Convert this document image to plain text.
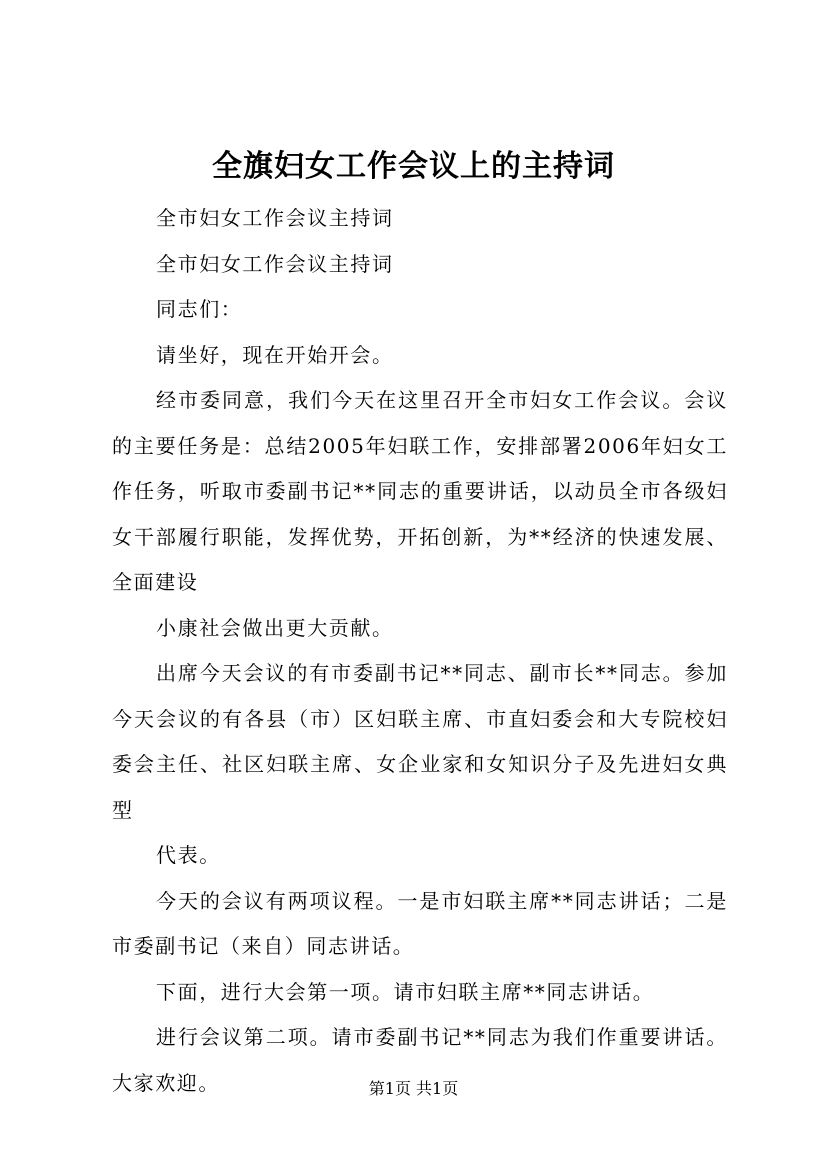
全旗妇女工作会议上的主持词

全市妇女工作会议主持词

全市妇女工作会议主持词

同志们：

请坐好，现在开始开会。

经市委同意，我们今天在这里召开全市妇女工作会议。会议的主要任务是：总结2005年妇联工作，安排部署2006年妇女工作任务，听取市委副书记**同志的重要讲话，以动员全市各级妇女干部履行职能，发挥优势，开拓创新，为**经济的快速发展、全面建设

小康社会做出更大贡献。

出席今天会议的有市委副书记**同志、副市长**同志。参加今天会议的有各县（市）区妇联主席、市直妇委会和大专院校妇委会主任、社区妇联主席、女企业家和女知识分子及先进妇女典型

代表。

今天的会议有两项议程。一是市妇联主席**同志讲话；二是市委副书记（来自）同志讲话。

下面，进行大会第一项。请市妇联主席**同志讲话。

进行会议第二项。请市委副书记**同志为我们作重要讲话。大家欢迎。	第1页 共1页
